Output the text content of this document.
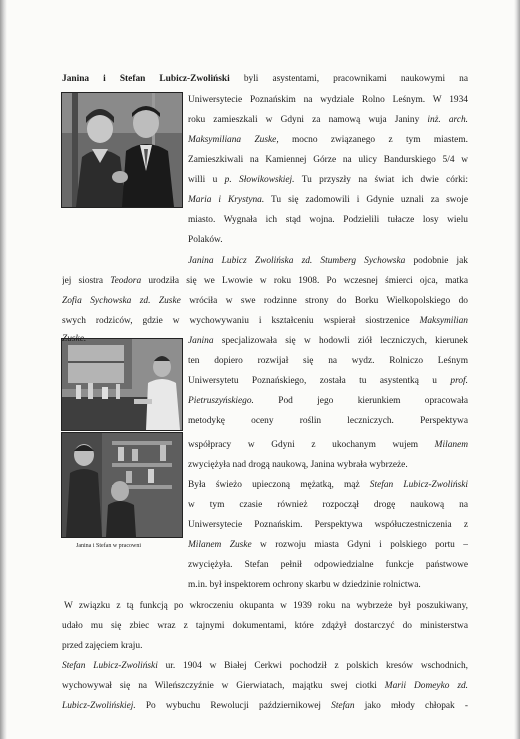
Janina i Stefan w pracowni
Janina i Stefan Lubicz-Zwoliński byli asystentami, pracownikami naukowymi na
Uniwersytecie Poznańskim na wydziale Rolno Leśnym. W 1934
roku zamieszkali w Gdyni za namową wuja Janiny inż. arch.
Maksymiliana Zuske, mocno związanego z tym miastem.
Zamieszkiwali na Kamiennej Górze na ulicy Bandurskiego 5/4 w
willi u p. Słowikowskiej. Tu przyszły na świat ich dwie córki:
Maria i Krystyna. Tu się zadomowili i Gdynie uznali za swoje
miasto. Wygnała ich stąd wojna. Podzielili tułacze losy wielu
Polaków.
Janina Lubicz Zwolińska zd. Stumberg Sychowska podobnie jak
jej siostra Teodora urodziła się we Lwowie w roku 1908. Po wczesnej śmierci ojca, matka
Zofia Sychowska zd. Zuske wróciła w swe rodzinne strony do Borku Wielkopolskiego do
swych rodziców, gdzie w wychowywaniu i kształceniu wspierał siostrzenice Maksymilian
Zuske.	Janina specjalizowała się w hodowli ziół leczniczych, kierunek
ten dopiero rozwijał się na wydz. Rolniczo Leśnym
Uniwersytetu Poznańskiego, została tu asystentką u prof.
Pietruszyńskiego. Pod jego kierunkiem opracowała
metodykę oceny roślin leczniczych. Perspektywa
współpracy w Gdyni z ukochanym wujem Milanem
zwyciężyła nad drogą naukową, Janina wybrała wybrzeże.
Była świeżo upieczoną mężatką, mąż Stefan Lubicz-Zwoliński
w tym czasie również rozpoczął drogę naukową na
Uniwersytecie Poznańskim. Perspektywa współuczestniczenia z
Milanem Zuske w rozwoju miasta Gdyni i polskiego portu –
zwyciężyła. Stefan pełnił odpowiedzialne funkcje państwowe
m.in. był inspektorem ochrony skarbu w dziedzinie rolnictwa.
W związku z tą funkcją po wkroczeniu okupanta w 1939 roku na wybrzeże był poszukiwany,
udało mu się zbiec wraz z tajnymi dokumentami, które zdążył dostarczyć do ministerstwa
przed zajęciem kraju.
Stefan Lubicz-Zwoliński ur. 1904 w Białej Cerkwi pochodził z polskich kresów wschodnich,
wychowywał się na Wileńszczyźnie w Gierwiatach, majątku swej ciotki Marii Domeyko zd.
Lubicz-Zwolińskiej. Po wybuchu Rewolucji październikowej Stefan jako młody chłopak -
